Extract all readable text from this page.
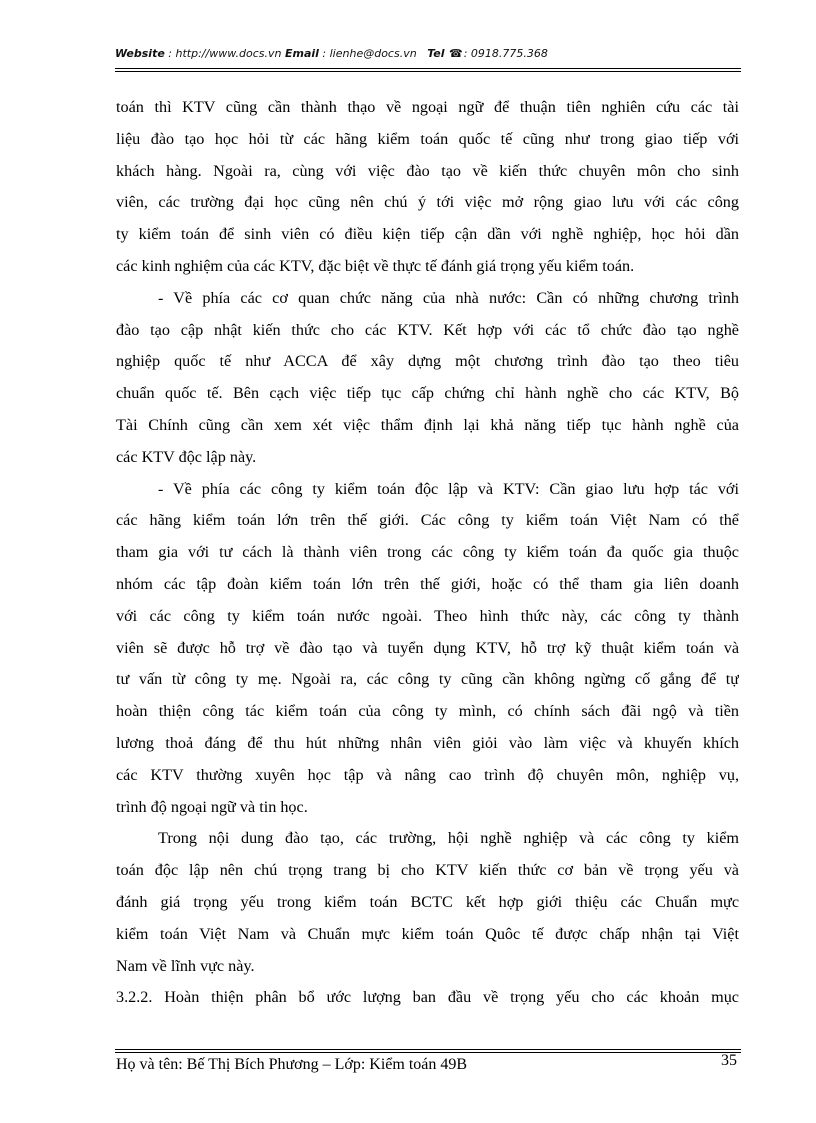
Website : http://www.docs.vn Email : lienhe@docs.vn Tel ☎: 0918.775.368
toán thì KTV cũng cần thành thạo về ngoại ngữ để thuận tiên nghiên cứu các tài
liệu đào tạo học hỏi từ các hãng kiểm toán quốc tế cũng như trong giao tiếp với
khách hàng. Ngoài ra, cùng với việc đào tạo về kiến thức chuyên môn cho sinh
viên, các trường đại học cũng nên chú ý tới việc mở rộng giao lưu với các công
ty kiểm toán để sinh viên có điều kiện tiếp cận dần với nghề nghiệp, học hỏi dần
các kinh nghiệm của các KTV, đặc biệt về thực tế đánh giá trọng yếu kiểm toán.
- Về phía các cơ quan chức năng của nhà nước: Cần có những chương trình
đào tạo cập nhật kiến thức cho các KTV. Kết hợp với các tổ chức đào tạo nghề
nghiệp quốc tế như ACCA để xây dựng một chương trình đào tạo theo tiêu
chuẩn quốc tế. Bên cạch việc tiếp tục cấp chứng chỉ hành nghề cho các KTV, Bộ
Tài Chính cũng cần xem xét việc thẩm định lại khả năng tiếp tục hành nghề của
các KTV độc lập này.
- Về phía các công ty kiểm toán độc lập và KTV: Cần giao lưu hợp tác với
các hãng kiểm toán lớn trên thế giới. Các công ty kiểm toán Việt Nam có thể
tham gia với tư cách là thành viên trong các công ty kiểm toán đa quốc gia thuộc
nhóm các tập đoàn kiểm toán lớn trên thế giới, hoặc có thể tham gia liên doanh
với các công ty kiểm toán nước ngoài. Theo hình thức này, các công ty thành
viên sẽ được hỗ trợ về đào tạo và tuyển dụng KTV, hỗ trợ kỹ thuật kiểm toán và
tư vấn từ công ty mẹ. Ngoài ra, các công ty cũng cần không ngừng cố gắng để tự
hoàn thiện công tác kiểm toán của công ty mình, có chính sách đãi ngộ và tiền
lương thoả đáng để thu hút những nhân viên giỏi vào làm việc và khuyến khích
các KTV thường xuyên học tập và nâng cao trình độ chuyên môn, nghiệp vụ,
trình độ ngoại ngữ và tin học.
Trong nội dung đào tạo, các trường, hội nghề nghiệp và các công ty kiểm
toán độc lập nên chú trọng trang bị cho KTV kiến thức cơ bản về trọng yếu và
đánh giá trọng yếu trong kiểm toán BCTC kết hợp giới thiệu các Chuẩn mực
kiểm toán Việt Nam và Chuẩn mực kiểm toán Quôc tế được chấp nhận tại Việt
Nam về lĩnh vực này.
3.2.2. Hoàn thiện phân bổ ước lượng ban đầu về trọng yếu cho các khoản mục
Họ và tên: Bế Thị Bích Phương – Lớp: Kiểm toán 49B	35
